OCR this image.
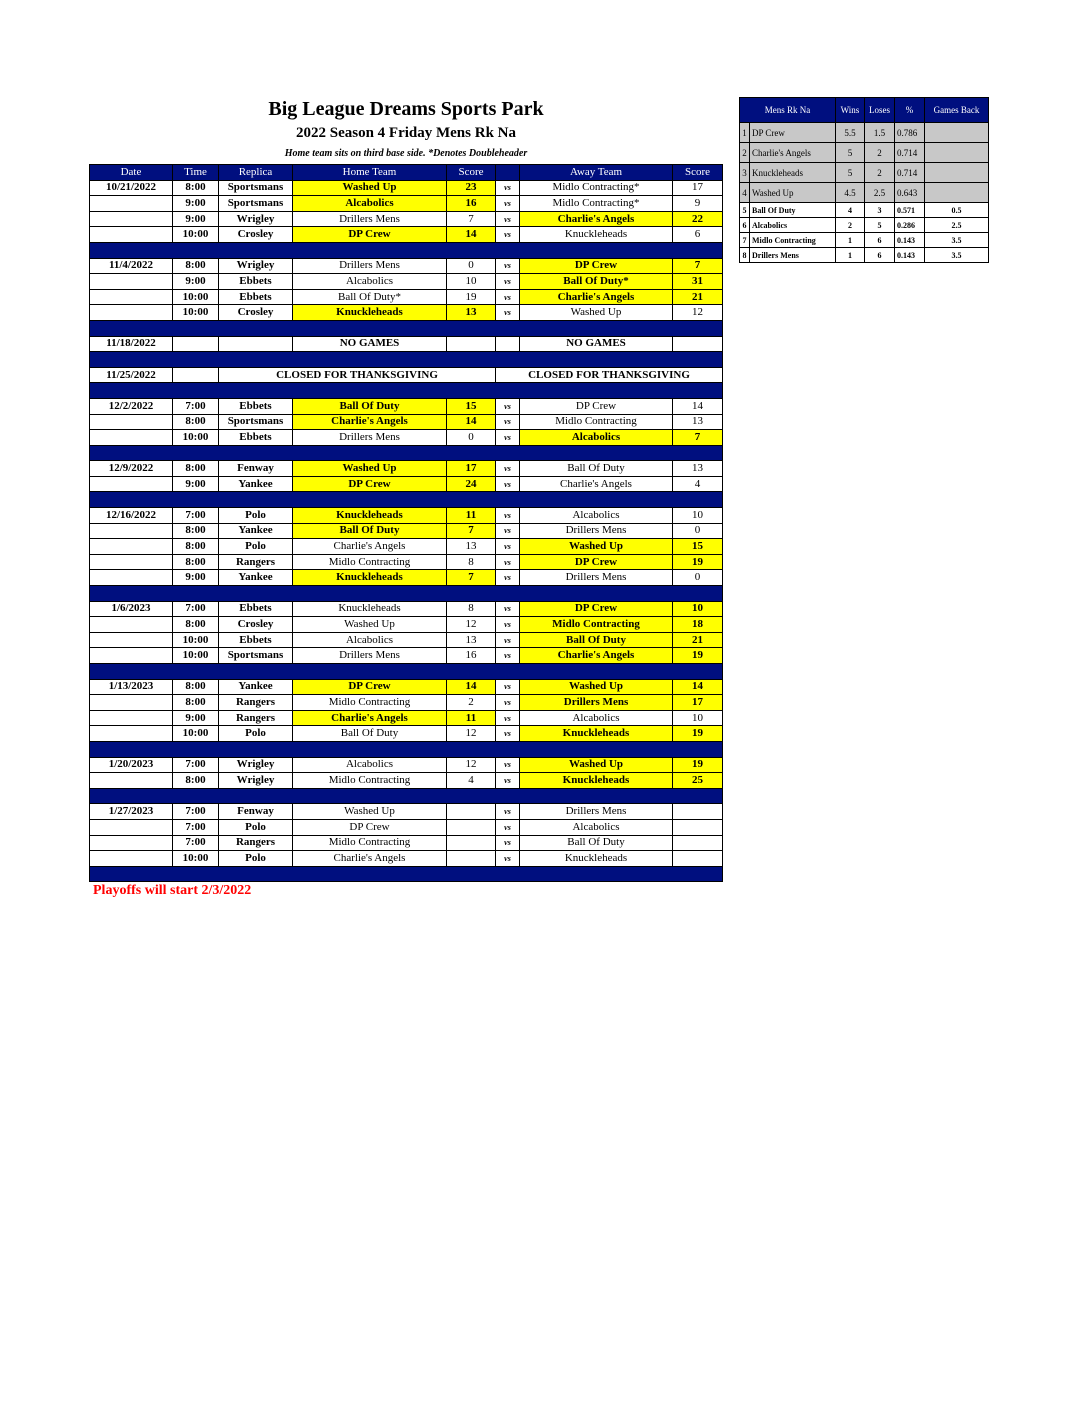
Big League Dreams Sports Park
2022 Season 4 Friday Mens Rk Na
Home team sits on third base side. *Denotes Doubleheader
Date	Time	Replica	Home Team	Score		Away Team	Score
10/21/2022	8:00	Sportsmans	Washed Up	23	vs	Midlo Contracting*	17
	9:00	Sportsmans	Alcabolics	16	vs	Midlo Contracting*	9
	9:00	Wrigley	Drillers Mens	7	vs	Charlie's Angels	22
	10:00	Crosley	DP Crew	14	vs	Knuckleheads	6

11/4/2022	8:00	Wrigley	Drillers Mens	0	vs	DP Crew	7
	9:00	Ebbets	Alcabolics	10	vs	Ball Of Duty*	31
	10:00	Ebbets	Ball Of Duty*	19	vs	Charlie's Angels	21
	10:00	Crosley	Knuckleheads	13	vs	Washed Up	12

11/18/2022			NO GAMES			NO GAMES	

11/25/2022		CLOSED FOR THANKSGIVING			CLOSED FOR THANKSGIVING		

12/2/2022	7:00	Ebbets	Ball Of Duty	15	vs	DP Crew	14
	8:00	Sportsmans	Charlie's Angels	14	vs	Midlo Contracting	13
	10:00	Ebbets	Drillers Mens	0	vs	Alcabolics	7

12/9/2022	8:00	Fenway	Washed Up	17	vs	Ball Of Duty	13
	9:00	Yankee	DP Crew	24	vs	Charlie's Angels	4

12/16/2022	7:00	Polo	Knuckleheads	11	vs	Alcabolics	10
	8:00	Yankee	Ball Of Duty	7	vs	Drillers Mens	0
	8:00	Polo	Charlie's Angels	13	vs	Washed Up	15
	8:00	Rangers	Midlo Contracting	8	vs	DP Crew	19
	9:00	Yankee	Knuckleheads	7	vs	Drillers Mens	0

1/6/2023	7:00	Ebbets	Knuckleheads	8	vs	DP Crew	10
	8:00	Crosley	Washed Up	12	vs	Midlo Contracting	18
	10:00	Ebbets	Alcabolics	13	vs	Ball Of Duty	21
	10:00	Sportsmans	Drillers Mens	16	vs	Charlie's Angels	19

1/13/2023	8:00	Yankee	DP Crew	14	vs	Washed Up	14
	8:00	Rangers	Midlo Contracting	2	vs	Drillers Mens	17
	9:00	Rangers	Charlie's Angels	11	vs	Alcabolics	10
	10:00	Polo	Ball Of Duty	12	vs	Knuckleheads	19

1/20/2023	7:00	Wrigley	Alcabolics	12	vs	Washed Up	19
	8:00	Wrigley	Midlo Contracting	4	vs	Knuckleheads	25

1/27/2023	7:00	Fenway	Washed Up		vs	Drillers Mens	
	7:00	Polo	DP Crew		vs	Alcabolics	
	7:00	Rangers	Midlo Contracting		vs	Ball Of Duty	
	10:00	Polo	Charlie's Angels		vs	Knuckleheads	

Mens Rk Na		Wins	Loses	%	Games Back
1	DP Crew	5.5	1.5	0.786	
2	Charlie's Angels	5	2	0.714	
3	Knuckleheads	5	2	0.714	
4	Washed Up	4.5	2.5	0.643	
5	Ball Of Duty	4	3	0.571	0.5
6	Alcabolics	2	5	0.286	2.5
7	Midlo Contracting	1	6	0.143	3.5
8	Drillers Mens	1	6	0.143	3.5
Playoffs will start 2/3/2022
